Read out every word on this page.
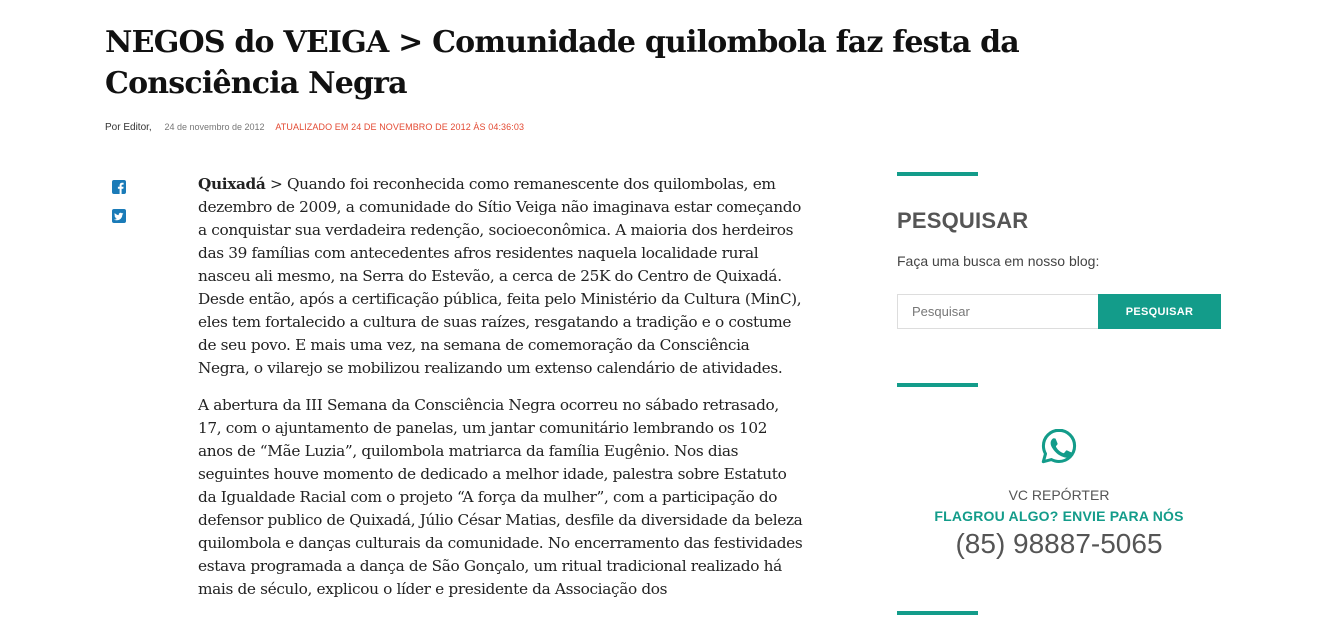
NEGOS do VEIGA > Comunidade quilombola faz festa da Consciência Negra
Por Editor, 24 de novembro de 2012 ATUALIZADO EM 24 DE NOVEMBRO DE 2012 ÀS 04:36:03

Quixadá > Quando foi reconhecida como remanescente dos quilombolas, em dezembro de 2009, a comunidade do Sítio Veiga não imaginava estar começando a conquistar sua verdadeira redenção, socioeconômica. A maioria dos herdeiros das 39 famílias com antecedentes afros residentes naquela localidade rural nasceu ali mesmo, na Serra do Estevão, a cerca de 25K do Centro de Quixadá. Desde então, após a certificação pública, feita pelo Ministério da Cultura (MinC), eles tem fortalecido a cultura de suas raízes, resgatando a tradição e o costume de seu povo. E mais uma vez, na semana de comemoração da Consciência Negra, o vilarejo se mobilizou realizando um extenso calendário de atividades.

A abertura da III Semana da Consciência Negra ocorreu no sábado retrasado, 17, com o ajuntamento de panelas, um jantar comunitário lembrando os 102 anos de “Mãe Luzia”, quilombola matriarca da família Eugênio. Nos dias seguintes houve momento de dedicado a melhor idade, palestra sobre Estatuto da Igualdade Racial com o projeto “A força da mulher”, com a participação do defensor publico de Quixadá, Júlio César Matias, desfile da diversidade da beleza quilombola e danças culturais da comunidade. No encerramento das festividades estava programada a dança de São Gonçalo, um ritual tradicional realizado há mais de século, explicou o líder e presidente da Associação dos

PESQUISAR
Faça uma busca em nosso blog:
Pesquisar
PESQUISAR
VC REPÓRTER
FLAGROU ALGO? ENVIE PARA NÓS
(85) 98887-5065
